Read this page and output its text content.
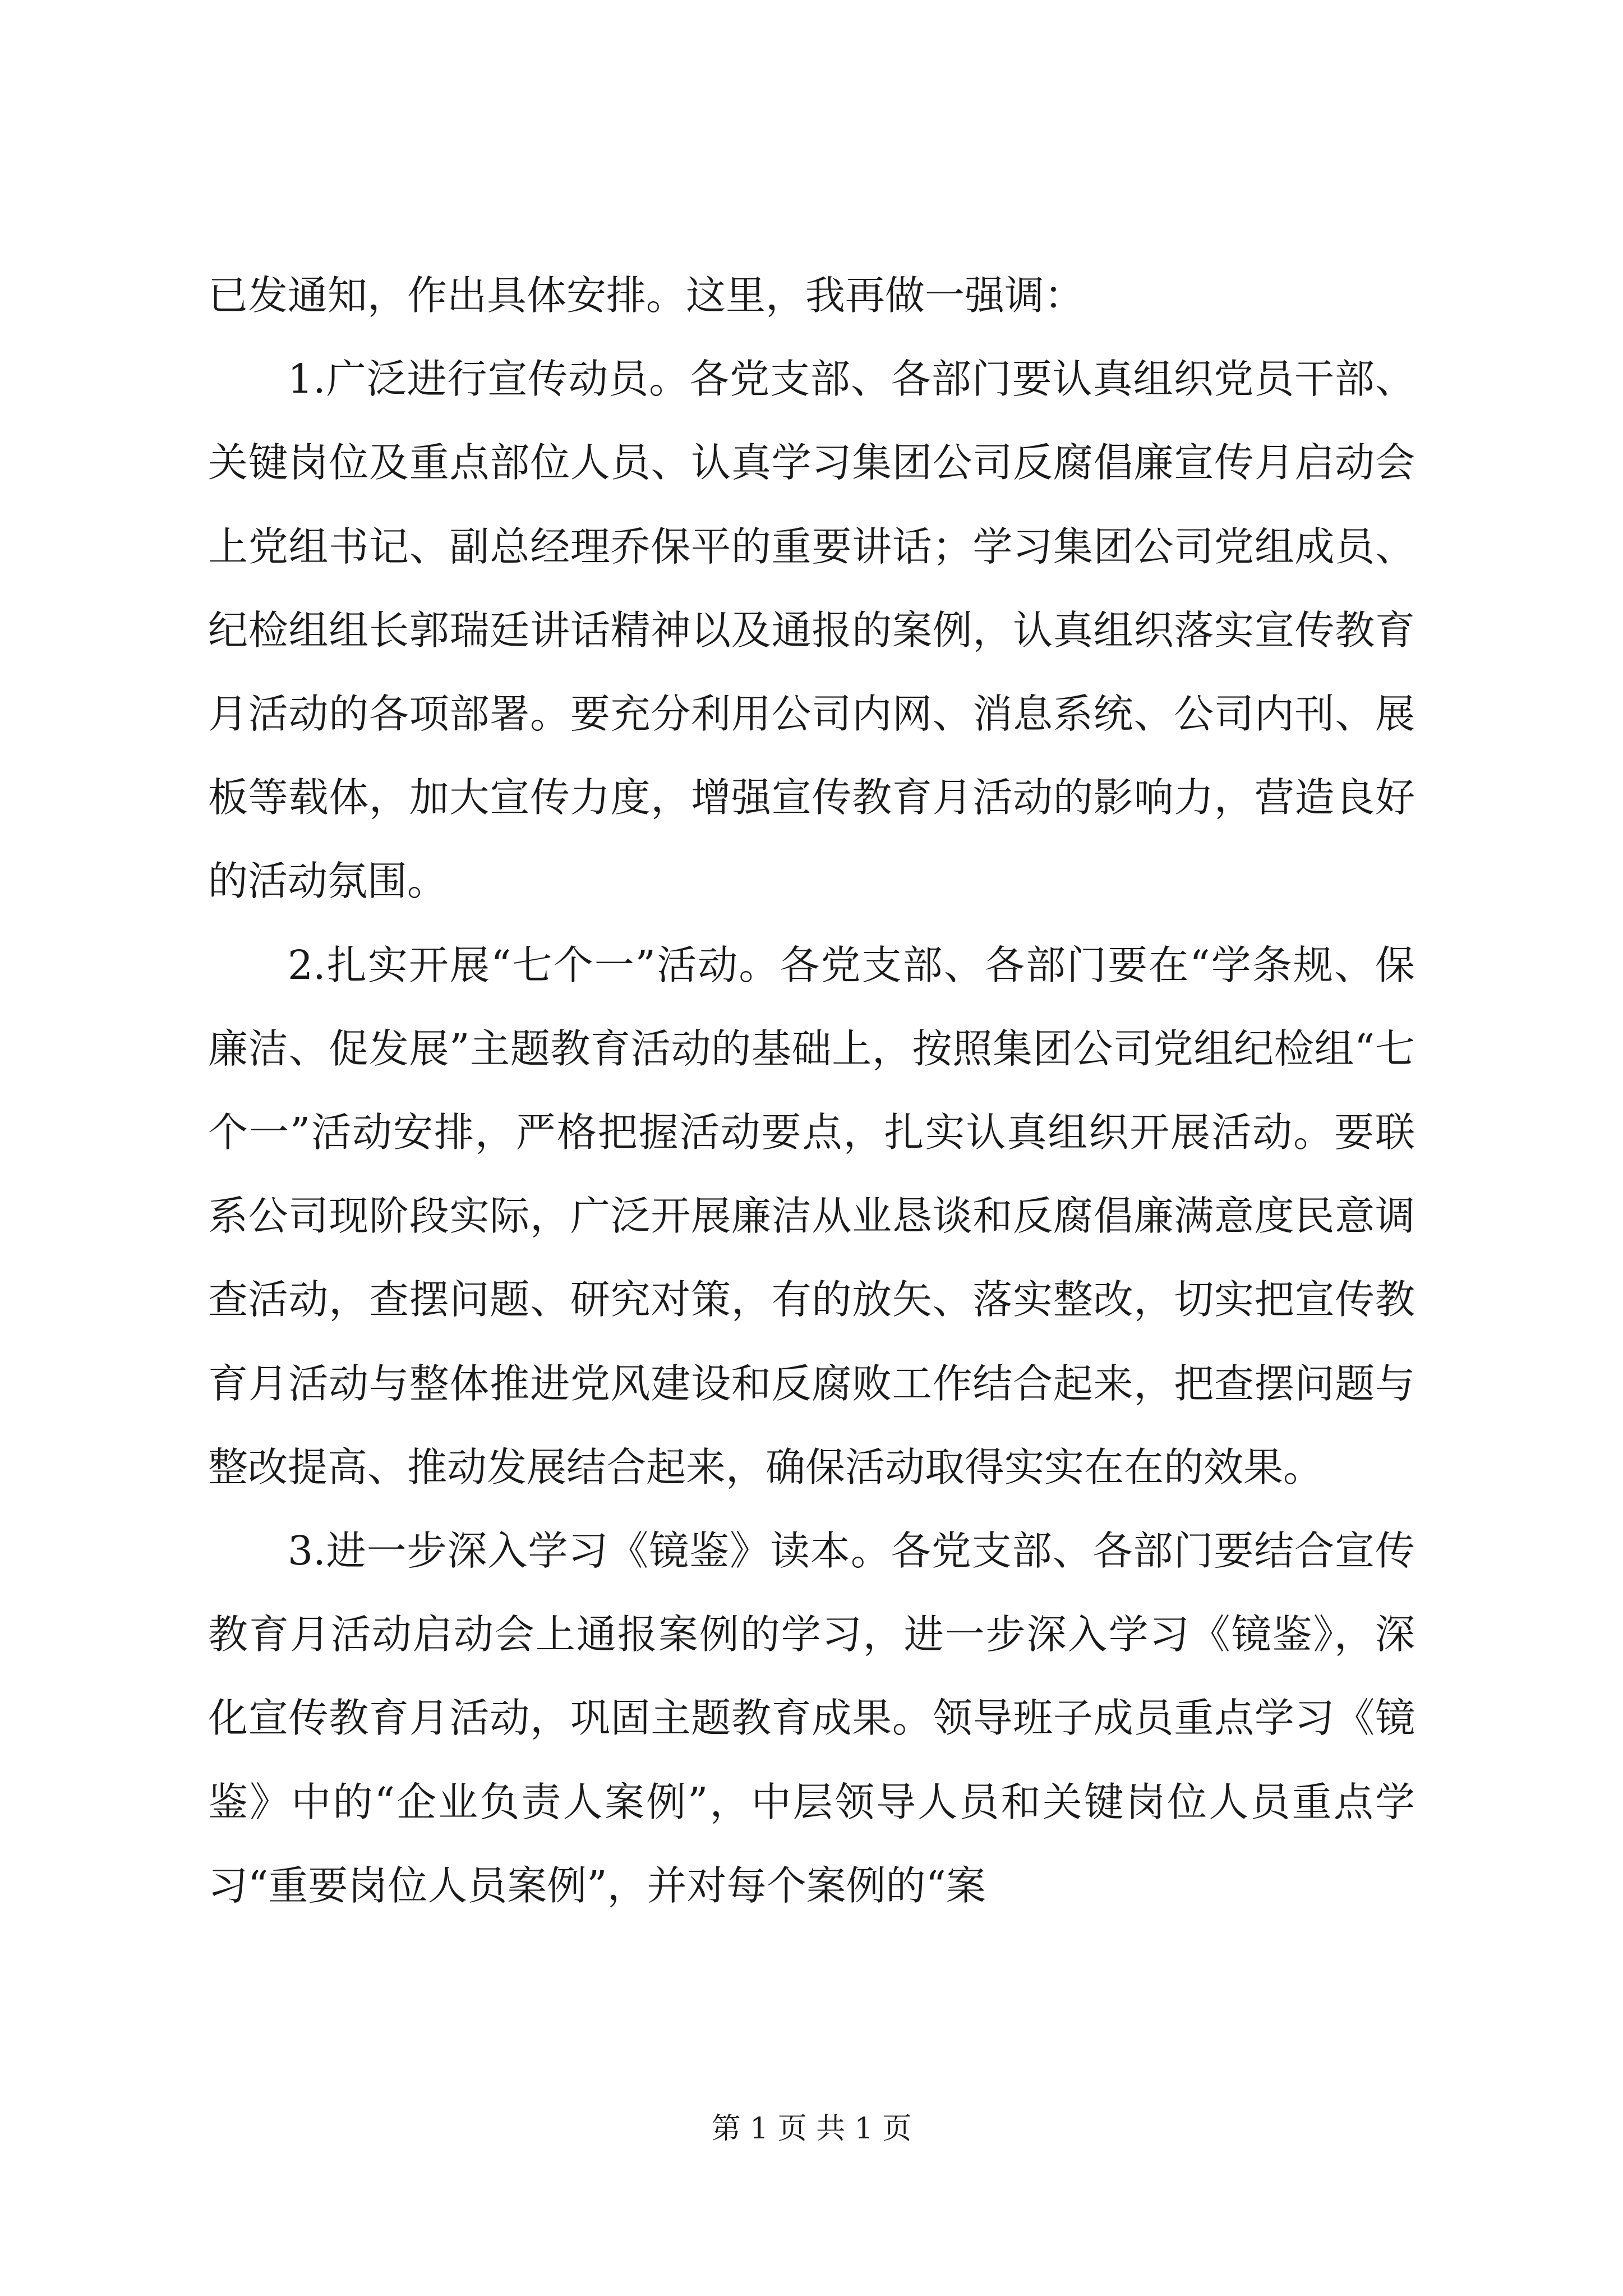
已发通知，作出具体安排。这里，我再做一强调：

1.广泛进行宣传动员。各党支部、各部门要认真组织党员干部、关键岗位及重点部位人员、认真学习集团公司反腐倡廉宣传月启动会上党组书记、副总经理乔保平的重要讲话；学习集团公司党组成员、纪检组组长郭瑞廷讲话精神以及通报的案例，认真组织落实宣传教育月活动的各项部署。要充分利用公司内网、消息系统、公司内刊、展板等载体，加大宣传力度，增强宣传教育月活动的影响力，营造良好的活动氛围。

2.扎实开展“七个一”活动。各党支部、各部门要在“学条规、保廉洁、促发展”主题教育活动的基础上，按照集团公司党组纪检组“七个一”活动安排，严格把握活动要点，扎实认真组织开展活动。要联系公司现阶段实际，广泛开展廉洁从业恳谈和反腐倡廉满意度民意调查活动，查摆问题、研究对策，有的放矢、落实整改，切实把宣传教育月活动与整体推进党风建设和反腐败工作结合起来，把查摆问题与整改提高、推动发展结合起来，确保活动取得实实在在的效果。

3.进一步深入学习《镜鉴》读本。各党支部、各部门要结合宣传教育月活动启动会上通报案例的学习，进一步深入学习《镜鉴》，深化宣传教育月活动，巩固主题教育成果。领导班子成员重点学习《镜鉴》中的“企业负责人案例”，中层领导人员和关键岗位人员重点学习“重要岗位人员案例”，并对每个案例的“案

第 1 页 共 1 页
